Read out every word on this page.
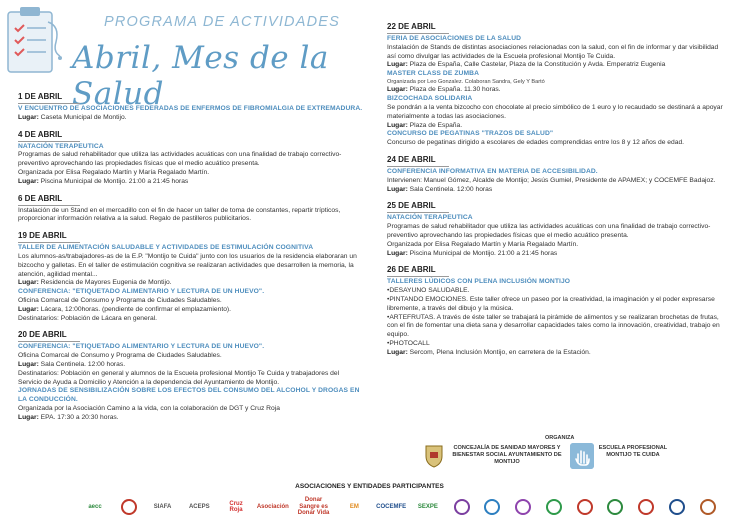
PROGRAMA DE ACTIVIDADES
Abril, Mes de la Salud
1 DE ABRIL
V ENCUENTRO DE ASOCIACIONES FEDERADAS DE ENFERMOS DE FIBROMIALGIA DE EXTREMADURA.
Lugar: Caseta Municipal de Montijo.
4 DE ABRIL
NATACIÓN TERAPEUTICA
Programas de salud rehabilitador que utiliza las actividades acuáticas con una finalidad de trabajo correctivo-preventivo aprovechando las propiedades físicas que el medio acuático presenta.
Organizada por Elisa Regalado Martín y María Regalado Martín.
Lugar: Piscina Municipal de Montijo. 21:00 a 21:45 horas
6 DE ABRIL
Instalación de un Stand en el mercadillo con el fin de hacer un taller de toma de constantes, repartir trípticos, proporcionar información relativa a la salud. Regalo de pastilleros publicitarios.
19 DE ABRIL
TALLER DE ALIMENTACIÓN SALUDABLE Y ACTIVIDADES DE ESTIMULACIÓN COGNITIVA
Los alumnos-as/trabajadores-as de la E.P. "Montijo te Cuida" junto con los usuarios de la residencia elaboraran un bizcocho y galletas. En el taller de estimulación cognitiva se realizaran actividades que desarrollen la memoria, la atención, agilidad mental...
Lugar: Residencia de Mayores Eugenia de Montijo.
CONFERENCIA: "ETIQUETADO ALIMENTARIO Y LECTURA DE UN HUEVO".
Oficina Comarcal de Consumo y Programa de Ciudades Saludables.
Lugar: Lácara, 12:00horas. (pendiente de confirmar el emplazamiento).
Destinatarios: Población de Lácara en general.
20 DE ABRIL
CONFERENCIA: "ETIQUETADO ALIMENTARIO Y LECTURA DE UN HUEVO".
Oficina Comarcal de Consumo y Programa de Ciudades Saludables.
Lugar: Sala Centinela. 12:00 horas.
Destinatarios: Población en general y alumnos de la Escuela profesional Montijo Te Cuida y trabajadores del Servicio de Ayuda a Domicilio y Atención a la dependencia del Ayuntamiento de Montijo.
JORNADAS DE SENSIBILIZACIÓN SOBRE LOS EFECTOS DEL CONSUMO DEL ALCOHOL Y DROGAS EN LA CONDUCCIÓN.
Organizada por la Asociación Camino a la vida, con la colaboración de DGT y Cruz Roja
Lugar: EPA. 17:30 a 20:30 horas.
22 DE ABRIL
FERIA DE ASOCIACIONES DE LA SALUD
Instalación de Stands de distintas asociaciones relacionadas con la salud, con el fin de informar y dar visibilidad así como divulgar las actividades de la Escuela profesional Montijo Te Cuida.
Lugar: Plaza de España, Calle Castelar, Plaza de la Constitución y Avda. Emperatriz Eugenia
MASTER CLASS DE ZUMBA
Organizada por Leo Gonzalez. Colaboran Sandra, Gely Y Bartó
Lugar: Plaza de España. 11.30 horas.
BIZCOCHADA SOLIDARIA
Se pondrán a la venta bizcocho con chocolate al precio simbólico de 1 euro y lo recaudado se destinará a apoyar materialmente a todas las asociaciones.
Lugar: Plaza de España.
CONCURSO DE PEGATINAS "TRAZOS DE SALUD"
Concurso de pegatinas dirigido a escolares de edades comprendidas entre los 8 y 12 años de edad.
24 DE ABRIL
CONFERENCIA INFORMATIVA EN MATERIA DE ACCESIBILIDAD.
Intervienen: Manuel Gómez, Alcalde de Montijo; Jesús Gumiel, Presidente de APAMEX; y COCEMFE Badajoz.
Lugar: Sala Centinela. 12:00 horas
25 DE ABRIL
NATACIÓN TERAPEUTICA
Programas de salud rehabilitador que utiliza las actividades acuáticas con una finalidad de trabajo correctivo-preventivo aprovechando las propiedades físicas que el medio acuático presenta.
Organizada por Elisa Regalado Martín y María Regalado Martín.
Lugar: Piscina Municipal de Montijo. 21:00 a 21:45 horas
26 DE ABRIL
TALLERES LÚDICOS CON PLENA INCLUSIÓN MONTIJO
• DESAYUNO SALUDABLE.
• PINTANDO EMOCIONES. Este taller ofrece un paseo por la creatividad, la imaginación y el poder expresarse libremente, a través del dibujo y la música.
• ARTEFRUTAS. A través de éste taller se trabajará la pirámide de alimentos y se realizaran brochetas de frutas, con el fin de fomentar una dieta sana y desarrollar capacidades tales como la innovación, creatividad, trabajo en equipo.
• PHOTOCALL
Lugar: Sercom, Plena Inclusión Montijo, en carretera de la Estación.
ORGANIZA
CONCEJALÍA DE SANIDAD MAYORES Y BIENESTAR SOCIAL AYUNTAMIENTO DE MONTIJO
ESCUELA PROFESIONAL MONTIJO TE CUIDA
ASOCIACIONES Y ENTIDADES PARTICIPANTES
aecc	SIAFA	ACEPS
Cruz Roja
Asociación
Donar Sangre es Donar Vida
EM	COCEMFE	SEXPE
